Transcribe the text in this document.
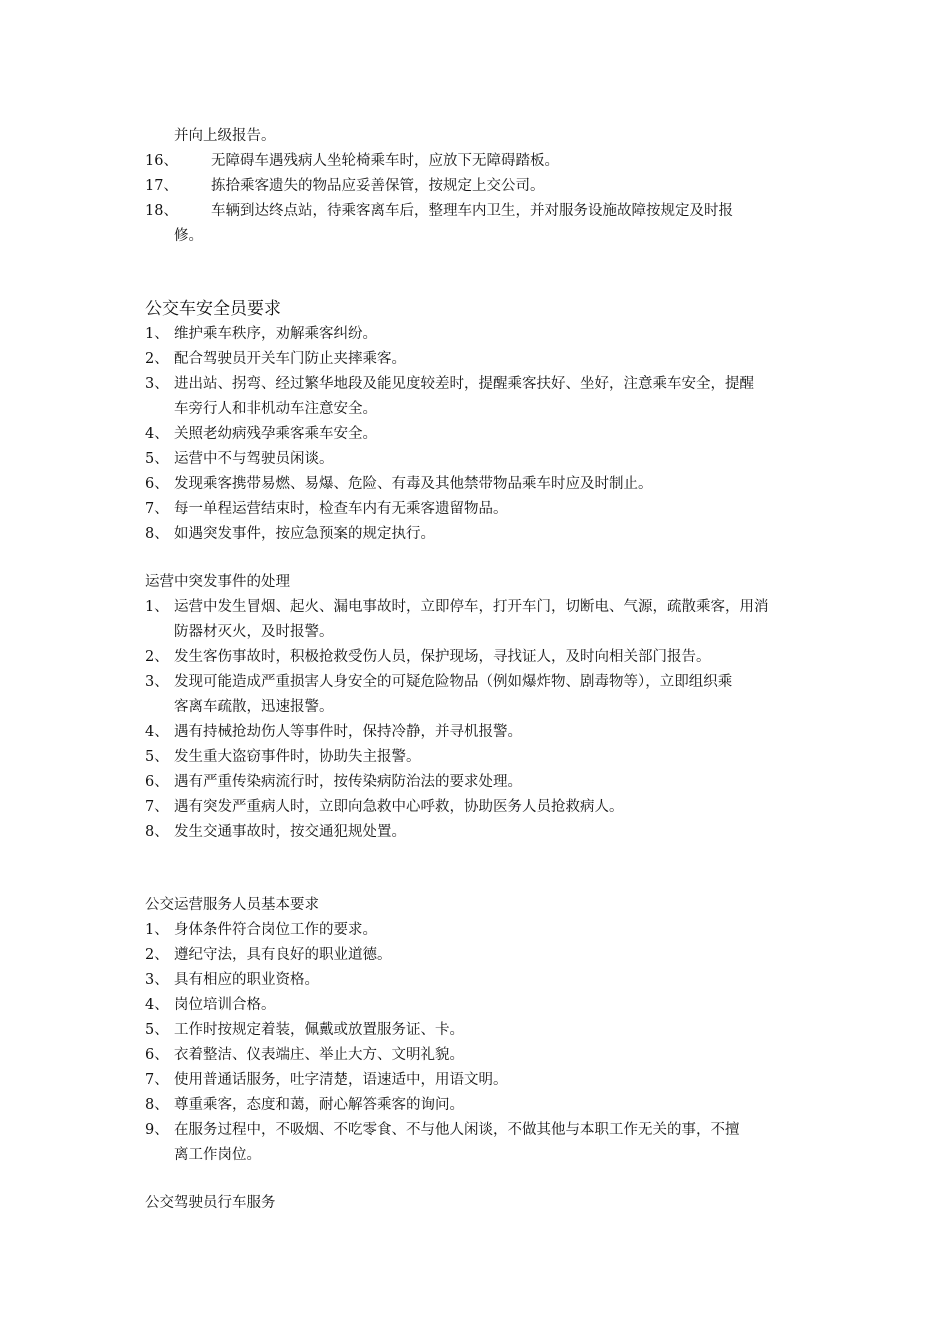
并向上级报告。

16、	无障碍车遇残病人坐轮椅乘车时，应放下无障碍踏板。
17、	拣拾乘客遗失的物品应妥善保管，按规定上交公司。
18、	车辆到达终点站，待乘客离车后，整理车内卫生，并对服务设施故障按规定及时报
修。

公交车安全员要求

1、 维护乘车秩序，劝解乘客纠纷。
2、 配合驾驶员开关车门防止夹摔乘客。
3、 进出站、拐弯、经过繁华地段及能见度较差时，提醒乘客扶好、坐好，注意乘车安全，提醒
车旁行人和非机动车注意安全。
4、 关照老幼病残孕乘客乘车安全。
5、 运营中不与驾驶员闲谈。
6、 发现乘客携带易燃、易爆、危险、有毒及其他禁带物品乘车时应及时制止。
7、 每一单程运营结束时，检查车内有无乘客遗留物品。
8、 如遇突发事件，按应急预案的规定执行。

运营中突发事件的处理

1、 运营中发生冒烟、起火、漏电事故时，立即停车，打开车门，切断电、气源，疏散乘客，用消
防器材灭火，及时报警。
2、 发生客伤事故时，积极抢救受伤人员，保护现场，寻找证人，及时向相关部门报告。
3、 发现可能造成严重损害人身安全的可疑危险物品（例如爆炸物、剧毒物等），立即组织乘
客离车疏散，迅速报警。
4、 遇有持械抢劫伤人等事件时，保持冷静，并寻机报警。
5、 发生重大盗窃事件时，协助失主报警。
6、 遇有严重传染病流行时，按传染病防治法的要求处理。
7、 遇有突发严重病人时，立即向急救中心呼救，协助医务人员抢救病人。
8、 发生交通事故时，按交通犯规处置。

公交运营服务人员基本要求

1、 身体条件符合岗位工作的要求。
2、 遵纪守法，具有良好的职业道德。
3、 具有相应的职业资格。
4、 岗位培训合格。
5、 工作时按规定着装，佩戴或放置服务证、卡。
6、 衣着整洁、仪表端庄、举止大方、文明礼貌。
7、 使用普通话服务，吐字清楚，语速适中，用语文明。
8、 尊重乘客，态度和蔼，耐心解答乘客的询问。
9、 在服务过程中，不吸烟、不吃零食、不与他人闲谈，不做其他与本职工作无关的事，不擅
离工作岗位。

公交驾驶员行车服务
